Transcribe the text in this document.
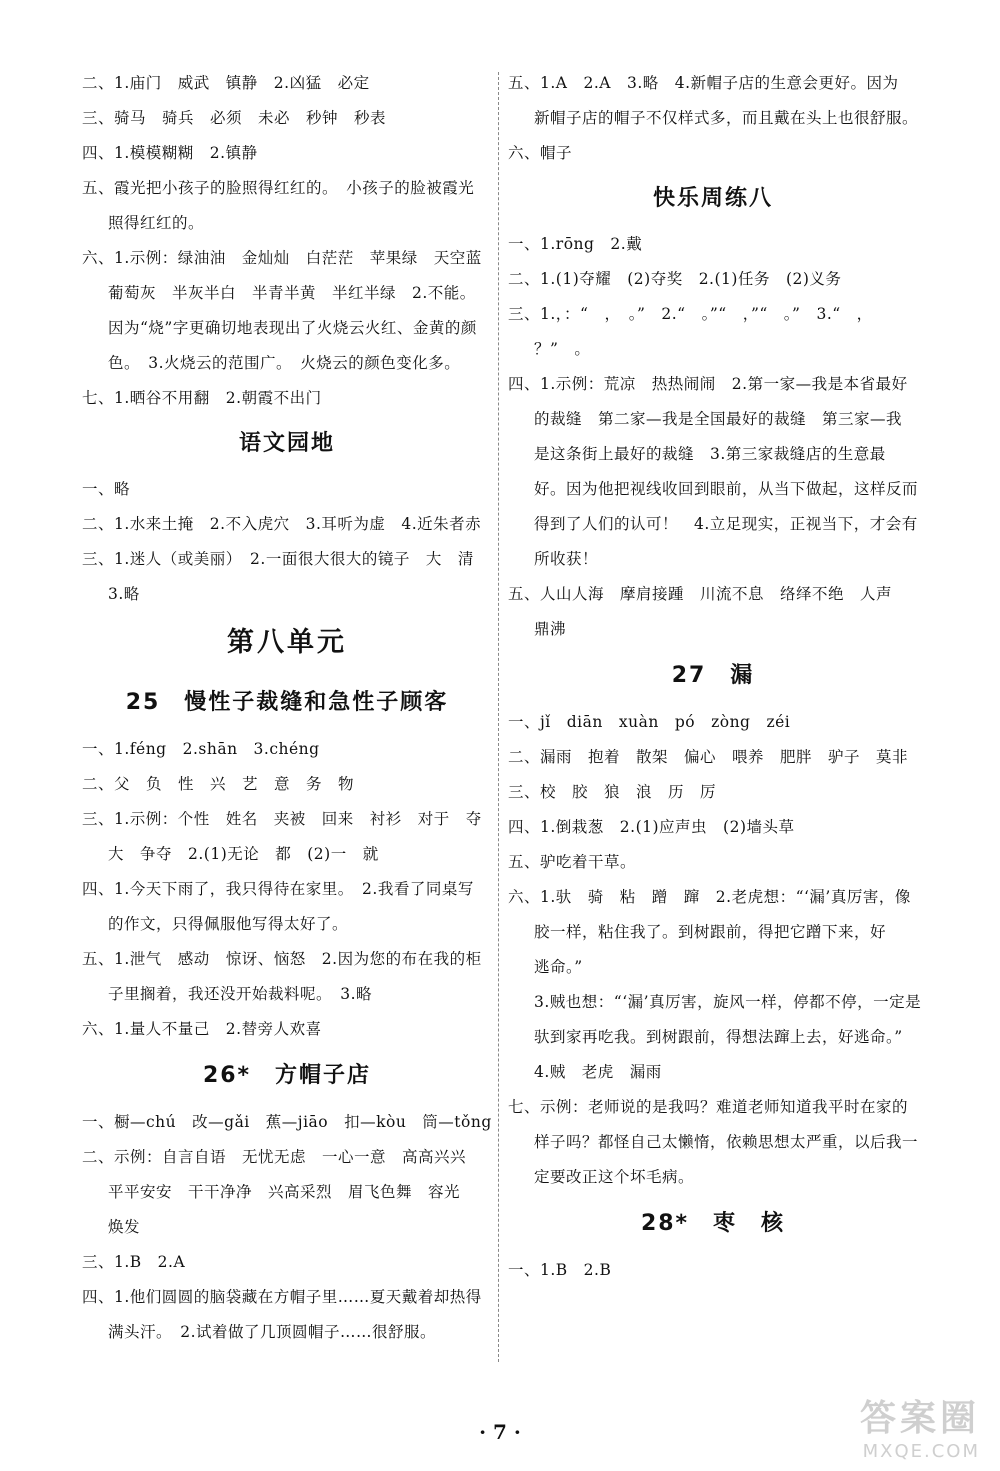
二、1.庙门　威武　镇静　2.凶猛　必定
三、骑马　骑兵　必须　未必　秒钟　秒表
四、1.模模糊糊　2.镇静
五、霞光把小孩子的脸照得红红的。　小孩子的脸被霞光
照得红红的。
六、1.示例：绿油油　金灿灿　白茫茫　苹果绿　天空蓝
葡萄灰　半灰半白　半青半黄　半红半绿　2.不能。
因为“烧”字更确切地表现出了火烧云火红、金黄的颜
色。　3.火烧云的范围广。　火烧云的颜色变化多。
七、1.晒谷不用翻　2.朝霞不出门
语文园地
一、略
二、1.水来土掩　2.不入虎穴　3.耳听为虚　4.近朱者赤
三、1.迷人（或美丽）　2.一面很大很大的镜子　大　清
3.略
第八单元
25　慢性子裁缝和急性子顾客
一、1.féng　2.shān　3.chéng
二、父　负　性　兴　艺　意　务　物
三、1.示例：个性　姓名　夹被　回来　衬衫　对于　夺
大　争夺　2.(1)无论　都　(2)一　就
四、1.今天下雨了，我只得待在家里。　2.我看了同桌写
的作文，只得佩服他写得太好了。
五、1.泄气　感动　惊讶、恼怒　2.因为您的布在我的柜
子里搁着，我还没开始裁料呢。　3.略
六、1.量人不量己　2.替旁人欢喜
26*　方帽子店
一、橱—chú　改—gǎi　蕉—jiāo　扣—kòu　筒—tǒng
二、示例：自言自语　无忧无虑　一心一意　高高兴兴
平平安安　干干净净　兴高采烈　眉飞色舞　容光
焕发
三、1.B　2.A
四、1.他们圆圆的脑袋藏在方帽子里……夏天戴着却热得
满头汗。　2.试着做了几顶圆帽子……很舒服。
五、1.A　2.A　3.略　4.新帽子店的生意会更好。因为
新帽子店的帽子不仅样式多，而且戴在头上也很舒服。
六、帽子
快乐周练八
一、1.rōng　2.戴
二、1.(1)夺耀　(2)夺奖　2.(1)任务　(2)义务
三、1.，：“　，　。”　2.“　。”“　，”“　。”　3.“　，
？”　。
四、1.示例：荒凉　热热闹闹　2.第一家—我是本省最好
的裁缝　第二家—我是全国最好的裁缝　第三家—我
是这条街上最好的裁缝　3.第三家裁缝店的生意最
好。因为他把视线收回到眼前，从当下做起，这样反而
得到了人们的认可！　4.立足现实，正视当下，才会有
所收获！
五、人山人海　摩肩接踵　川流不息　络绎不绝　人声
鼎沸
27　漏
一、jǐ　diān　xuàn　pó　zòng　zéi
二、漏雨　抱着　散架　偏心　喂养　肥胖　驴子　莫非
三、校　胶　狼　浪　历　厉
四、1.倒栽葱　2.(1)应声虫　(2)墙头草
五、驴吃着干草。
六、1.驮　骑　粘　蹭　蹿　2.老虎想：“‘漏’真厉害，像
胶一样，粘住我了。到树跟前，得把它蹭下来，好
逃命。”
3.贼也想：“‘漏’真厉害，旋风一样，停都不停，一定是
驮到家再吃我。到树跟前，得想法蹿上去，好逃命。”
4.贼　老虎　漏雨
七、示例：老师说的是我吗？难道老师知道我平时在家的
样子吗？都怪自己太懒惰，依赖思想太严重，以后我一
定要改正这个坏毛病。
28*　枣　核
一、1.B　2.B
· 7 ·	答案圈
MXQE.COM
